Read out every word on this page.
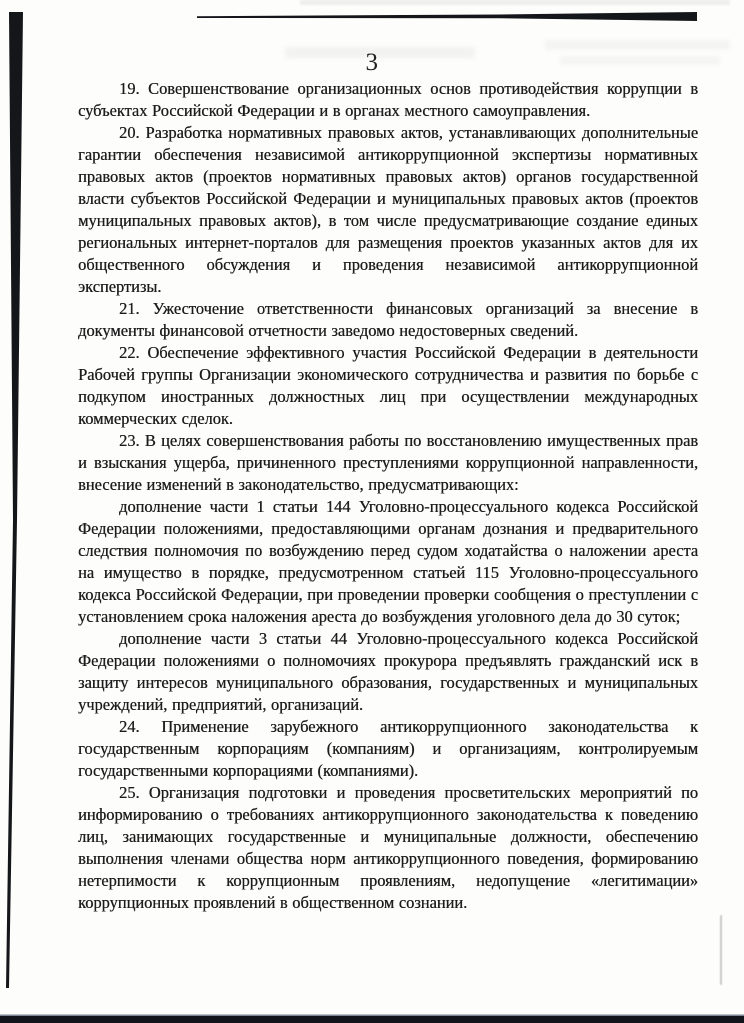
3

19. Совершенствование организационных основ противодействия коррупции в субъектах Российской Федерации и в органах местного самоуправления.

20. Разработка нормативных правовых актов, устанавливающих дополнительные гарантии обеспечения независимой антикоррупционной экспертизы нормативных правовых актов (проектов нормативных правовых актов) органов государственной власти субъектов Российской Федерации и муниципальных правовых актов (проектов муниципальных правовых актов), в том числе предусматривающие создание единых региональных интернет-порталов для размещения проектов указанных актов для их общественного обсуждения и проведения независимой антикоррупционной экспертизы.

21. Ужесточение ответственности финансовых организаций за внесение в документы финансовой отчетности заведомо недостоверных сведений.

22. Обеспечение эффективного участия Российской Федерации в деятельности Рабочей группы Организации экономического сотрудничества и развития по борьбе с подкупом иностранных должностных лиц при осуществлении международных коммерческих сделок.

23. В целях совершенствования работы по восстановлению имущественных прав и взыскания ущерба, причиненного преступлениями коррупционной направленности, внесение изменений в законодательство, предусматривающих:

дополнение части 1 статьи 144 Уголовно-процессуального кодекса Российской Федерации положениями, предоставляющими органам дознания и предварительного следствия полномочия по возбуждению перед судом ходатайства о наложении ареста на имущество в порядке, предусмотренном статьей 115 Уголовно-процессуального кодекса Российской Федерации, при проведении проверки сообщения о преступлении с установлением срока наложения ареста до возбуждения уголовного дела до 30 суток;

дополнение части 3 статьи 44 Уголовно-процессуального кодекса Российской Федерации положениями о полномочиях прокурора предъявлять гражданский иск в защиту интересов муниципального образования, государственных и муниципальных учреждений, предприятий, организаций.

24. Применение зарубежного антикоррупционного законодательства к государственным корпорациям (компаниям) и организациям, контролируемым государственными корпорациями (компаниями).

25. Организация подготовки и проведения просветительских мероприятий по информированию о требованиях антикоррупционного законодательства к поведению лиц, занимающих государственные и муниципальные должности, обеспечению выполнения членами общества норм антикоррупционного поведения, формированию нетерпимости к коррупционным проявлениям, недопущение «легитимации» коррупционных проявлений в общественном сознании.
